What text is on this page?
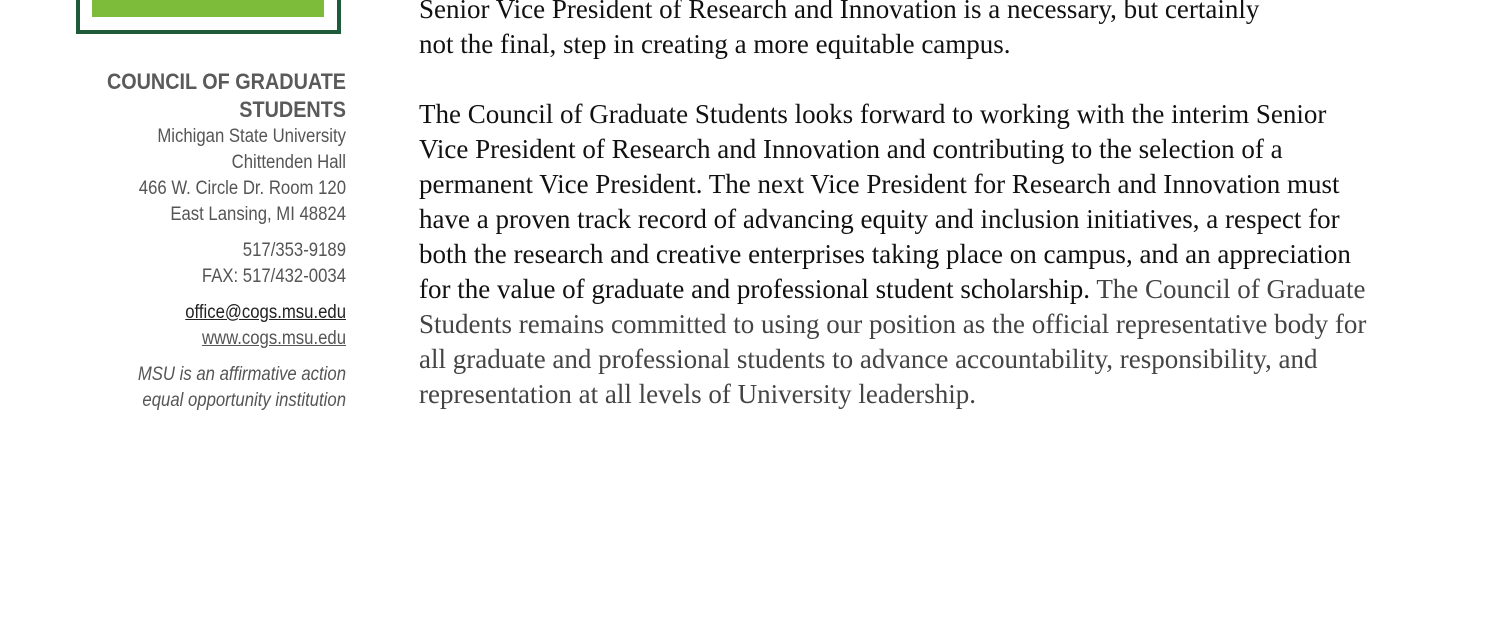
COUNCIL OF GRADUATE
STUDENTS
Michigan State University
Chittenden Hall
466 W. Circle Dr. Room 120
East Lansing, MI 48824
517/353-9189
FAX: 517/432-0034
office@cogs.msu.edu
www.cogs.msu.edu
MSU is an affirmative action
equal opportunity institution

Senior Vice President of Research and Innovation is a necessary, but certainly
not the final, step in creating a more equitable campus.

The Council of Graduate Students looks forward to working with the interim Senior Vice President of Research and Innovation and contributing to the selection of a permanent Vice President. The next Vice President for Research and Innovation must have a proven track record of advancing equity and inclusion initiatives, a respect for both the research and creative enterprises taking place on campus, and an appreciation for the value of graduate and professional student scholarship. The Council of Graduate Students remains committed to using our position as the official representative body for all graduate and professional students to advance accountability, responsibility, and representation at all levels of University leadership.
